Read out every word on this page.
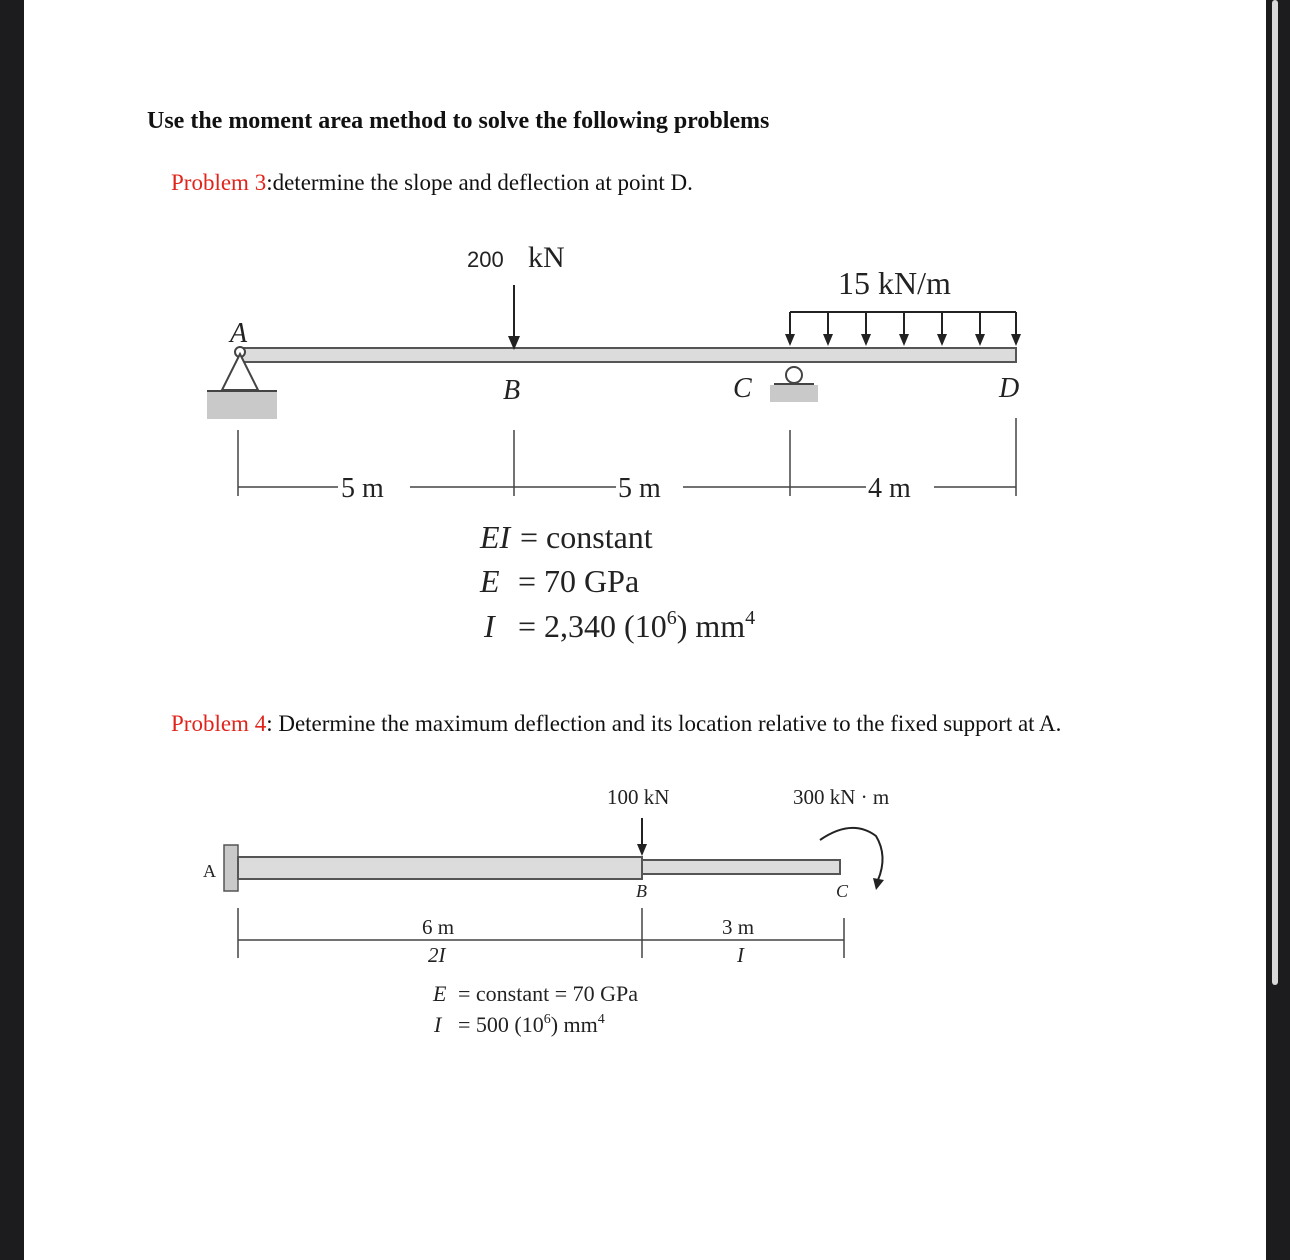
Use the moment area method to solve the following problems
Problem 3:determine the slope and deflection at point D.
200 kN
15 kN/m
A
B	C	D
5 m	5 m	4 m
EI = constant
E = 70 GPa
I = 2,340 $(10^6)$ $mm^4$
Problem 4: Determine the maximum deflection and its location relative to the fixed support at A.
100 kN	300 kN · m
A
B	C
6 m
2I
3 m
I
E = constant = 70 GPa
I = 500 $(10^6)$ $mm^4$
